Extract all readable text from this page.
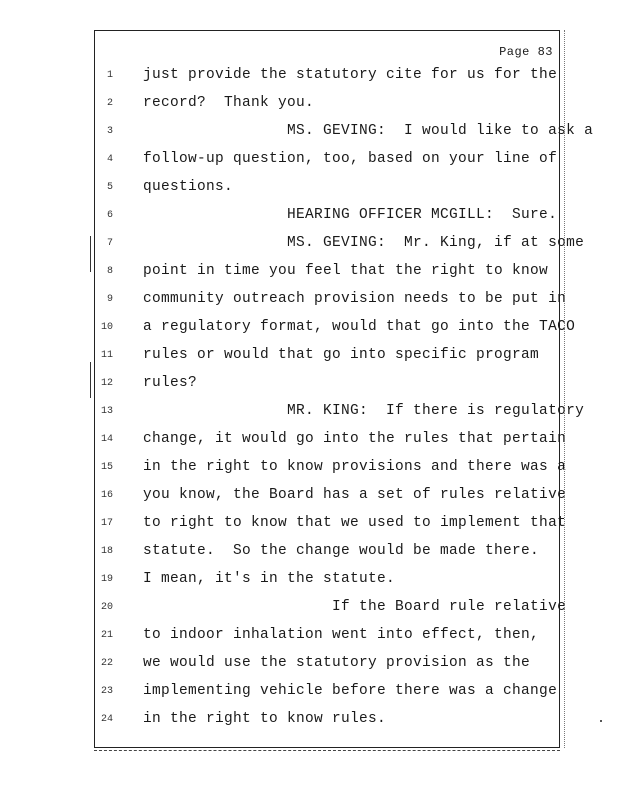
Page 83
1 just provide the statutory cite for us for the
2 record?  Thank you.
3 MS. GEVING:  I would like to ask a
4 follow-up question, too, based on your line of
5 questions.
6 HEARING OFFICER MCGILL:  Sure.
7 MS. GEVING:  Mr. King, if at some
8 point in time you feel that the right to know
9 community outreach provision needs to be put in
10 a regulatory format, would that go into the TACO
11 rules or would that go into specific program
12 rules?
13 MR. KING:  If there is regulatory
14 change, it would go into the rules that pertain
15 in the right to know provisions and there was a
16 you know, the Board has a set of rules relative
17 to right to know that we used to implement that
18 statute.  So the change would be made there.
19 I mean, it's in the statute.
20 If the Board rule relative
21 to indoor inhalation went into effect, then,
22 we would use the statutory provision as the
23 implementing vehicle before there was a change
24 in the right to know rules.
